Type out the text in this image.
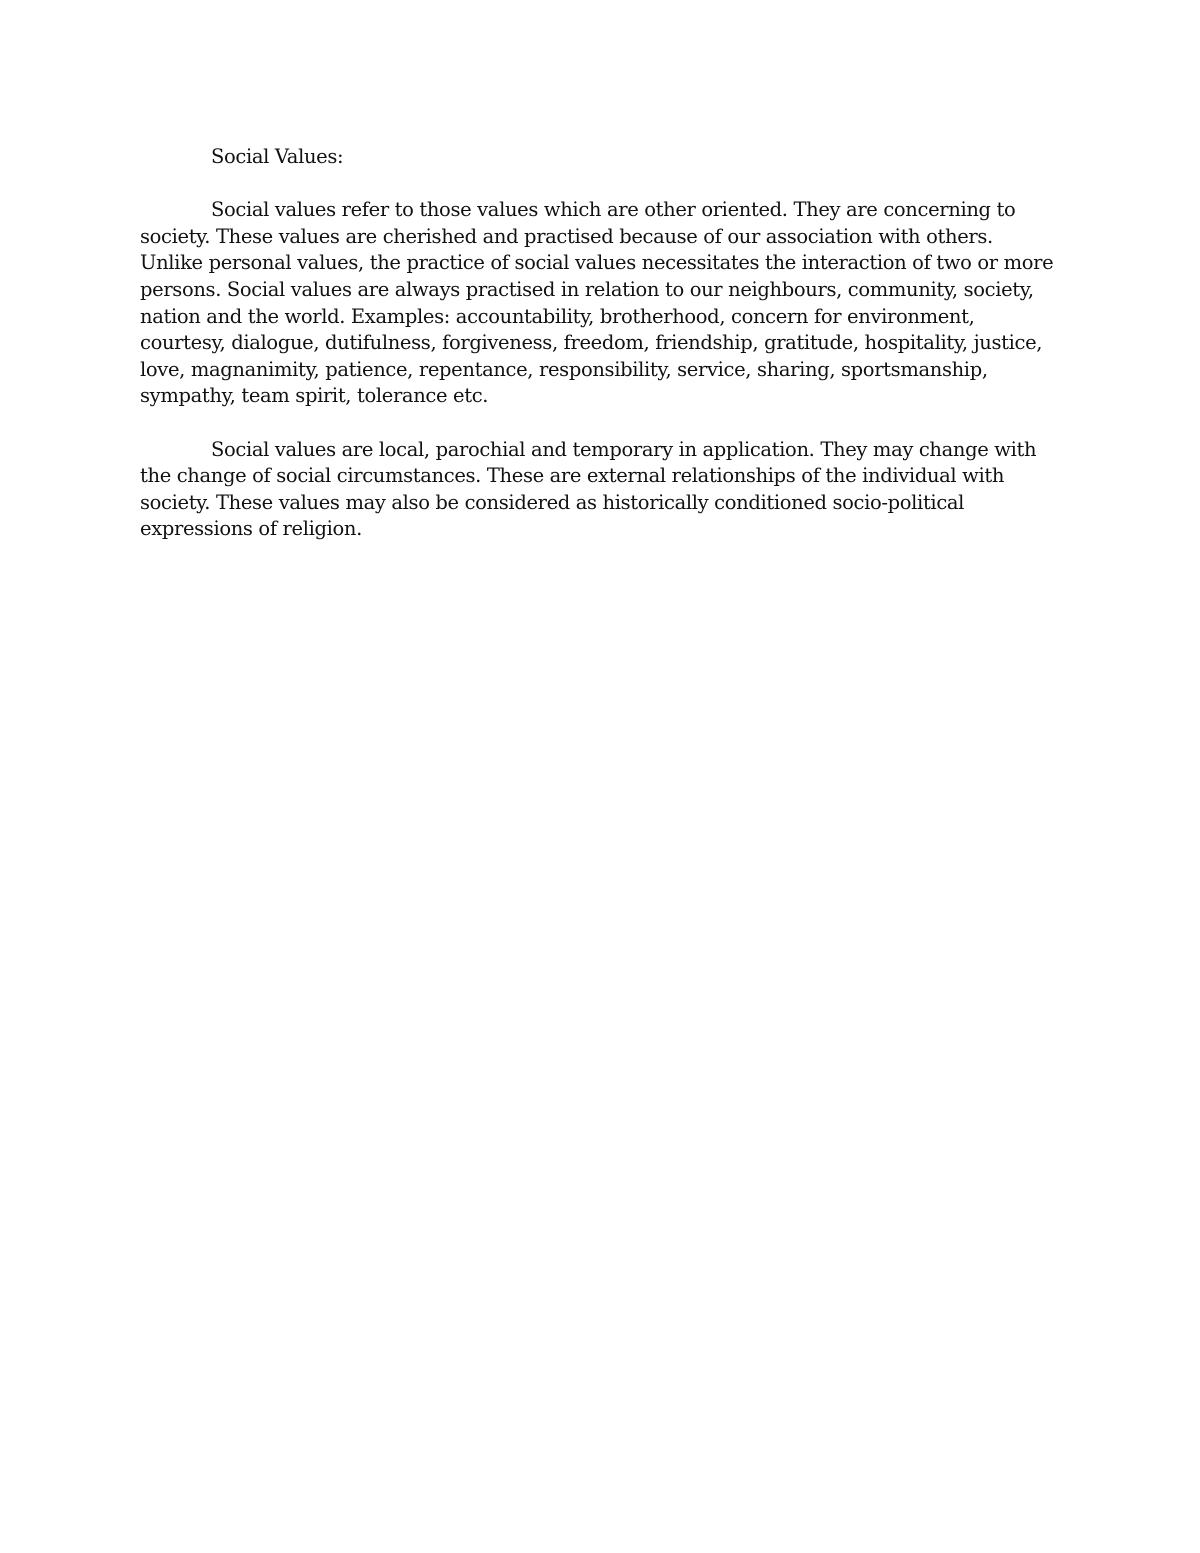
Social Values:

Social values refer to those values which are other oriented. They are concerning to society. These values are cherished and practised because of our association with others. Unlike personal values, the practice of social values necessitates the interaction of two or more persons. Social values are always practised in relation to our neighbours, community, society, nation and the world. Examples: accountability, brotherhood, concern for environment, courtesy, dialogue, dutifulness, forgiveness, freedom, friendship, gratitude, hospitality, justice, love, magnanimity, patience, repentance, responsibility, service, sharing, sportsmanship, sympathy, team spirit, tolerance etc.

Social values are local, parochial and temporary in application. They may change with the change of social circumstances. These are external relationships of the individual with society. These values may also be considered as historically conditioned socio-political expressions of religion.
